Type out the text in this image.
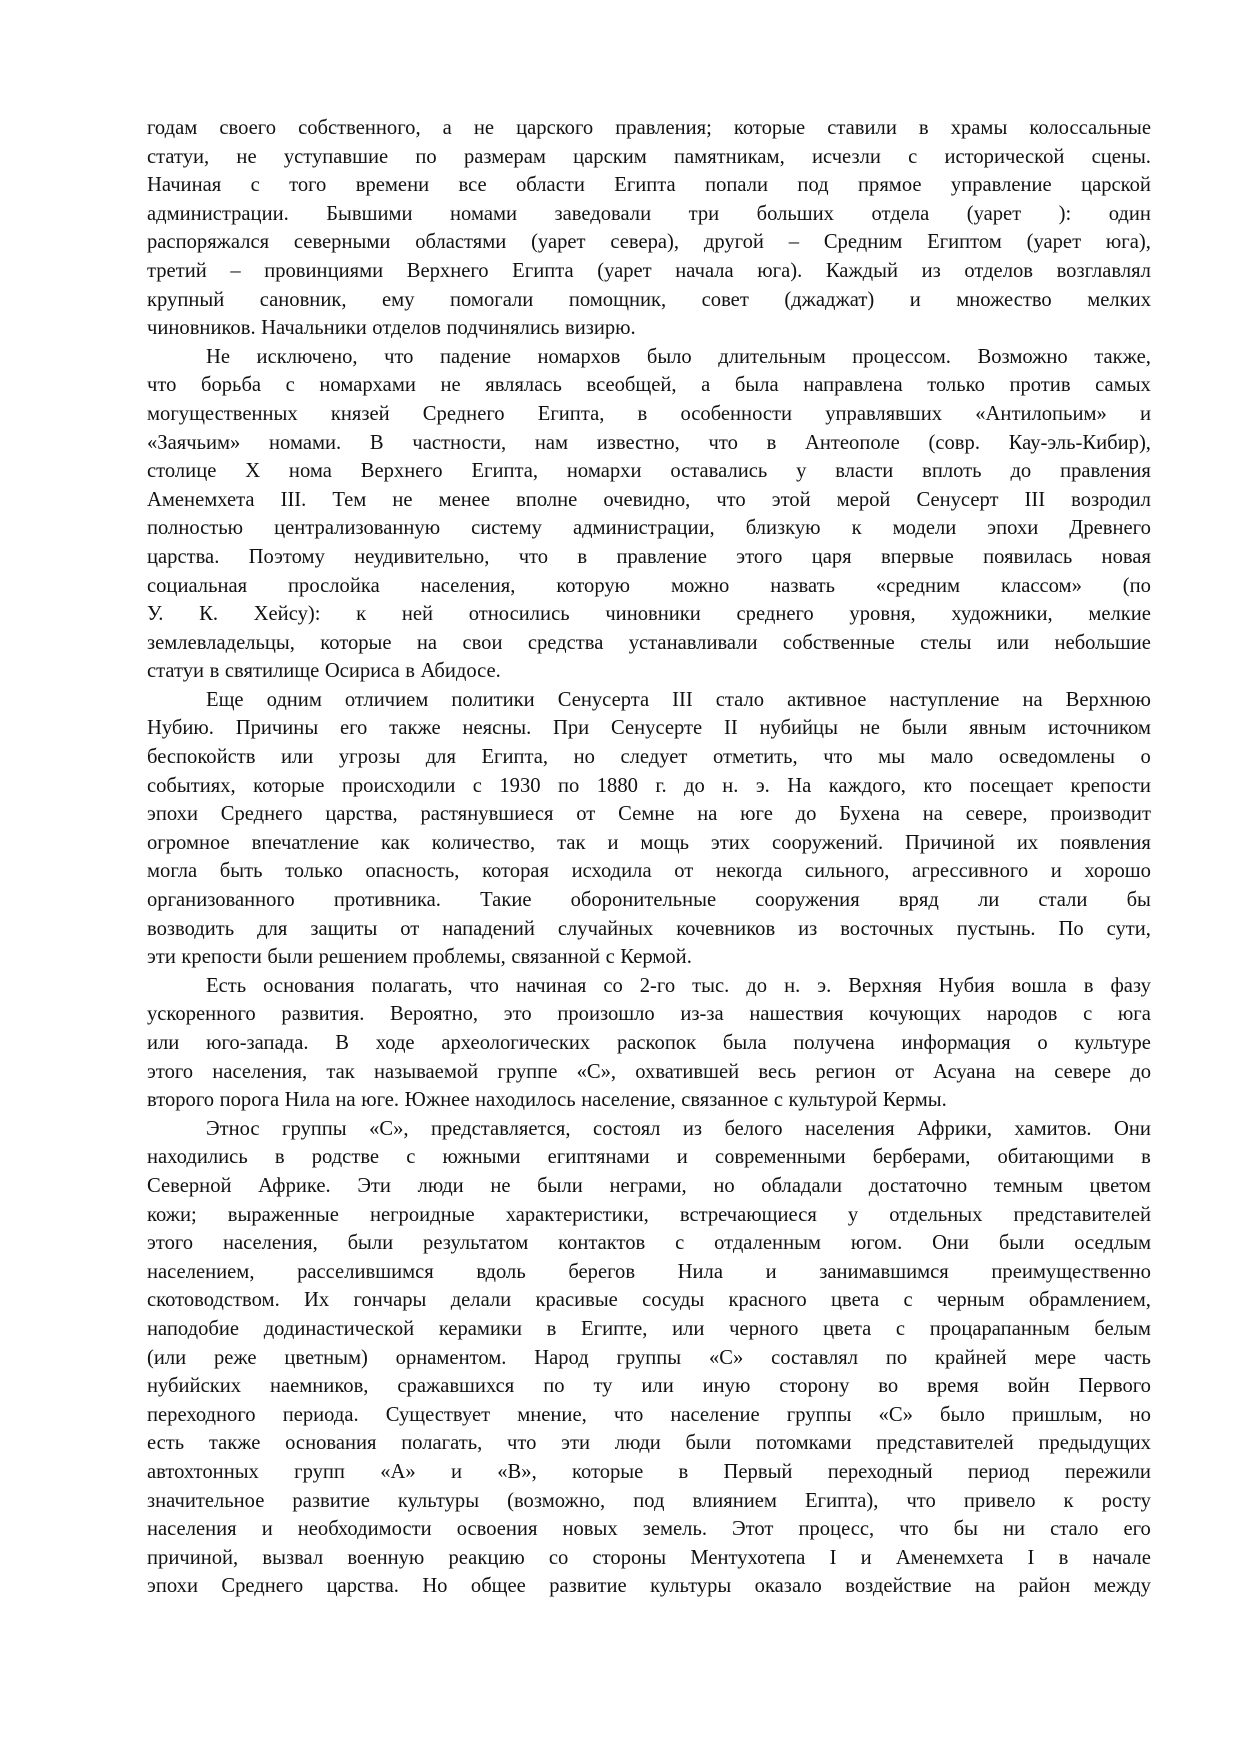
годам своего собственного, а не царского правления; которые ставили в храмы колоссальные
статуи, не уступавшие по размерам царским памятникам, исчезли с исторической сцены.
Начиная с того времени все области Египта попали под прямое управление царской
администрации. Бывшими номами заведовали три больших отдела (уарет ): один
распоряжался северными областями (уарет севера), другой – Средним Египтом (уарет юга),
третий – провинциями Верхнего Египта (уарет начала юга). Каждый из отделов возглавлял
крупный сановник, ему помогали помощник, совет (джаджат) и множество мелких
чиновников. Начальники отделов подчинялись визирю.
Не исключено, что падение номархов было длительным процессом. Возможно также,
что борьба с номархами не являлась всеобщей, а была направлена только против самых
могущественных князей Среднего Египта, в особенности управлявших «Антилопьим» и
«Заячьим» номами. В частности, нам известно, что в Антеополе (совр. Кау-эль-Кибир),
столице X нома Верхнего Египта, номархи оставались у власти вплоть до правления
Аменемхета III. Тем не менее вполне очевидно, что этой мерой Сенусерт III возродил
полностью централизованную систему администрации, близкую к модели эпохи Древнего
царства. Поэтому неудивительно, что в правление этого царя впервые появилась новая
социальная прослойка населения, которую можно назвать «средним классом» (по
У. К. Хейсу): к ней относились чиновники среднего уровня, художники, мелкие
землевладельцы, которые на свои средства устанавливали собственные стелы или небольшие
статуи в святилище Осириса в Абидосе.
Еще одним отличием политики Сенусерта III стало активное наступление на Верхнюю
Нубию. Причины его также неясны. При Сенусерте II нубийцы не были явным источником
беспокойств или угрозы для Египта, но следует отметить, что мы мало осведомлены о
событиях, которые происходили с 1930 по 1880 г. до н. э. На каждого, кто посещает крепости
эпохи Среднего царства, растянувшиеся от Семне на юге до Бухена на севере, производит
огромное впечатление как количество, так и мощь этих сооружений. Причиной их появления
могла быть только опасность, которая исходила от некогда сильного, агрессивного и хорошо
организованного противника. Такие оборонительные сооружения вряд ли стали бы
возводить для защиты от нападений случайных кочевников из восточных пустынь. По сути,
эти крепости были решением проблемы, связанной с Кермой.
Есть основания полагать, что начиная со 2-го тыс. до н. э. Верхняя Нубия вошла в фазу
ускоренного развития. Вероятно, это произошло из-за нашествия кочующих народов с юга
или юго-запада. В ходе археологических раскопок была получена информация о культуре
этого населения, так называемой группе «C», охватившей весь регион от Асуана на севере до
второго порога Нила на юге. Южнее находилось население, связанное с культурой Кермы.
Этнос группы «C», представляется, состоял из белого населения Африки, хамитов. Они
находились в родстве с южными египтянами и современными берберами, обитающими в
Северной Африке. Эти люди не были неграми, но обладали достаточно темным цветом
кожи; выраженные негроидные характеристики, встречающиеся у отдельных представителей
этого населения, были результатом контактов с отдаленным югом. Они были оседлым
населением, расселившимся вдоль берегов Нила и занимавшимся преимущественно
скотоводством. Их гончары делали красивые сосуды красного цвета с черным обрамлением,
наподобие додинастической керамики в Египте, или черного цвета с процарапанным белым
(или реже цветным) орнаментом. Народ группы «C» составлял по крайней мере часть
нубийских наемников, сражавшихся по ту или иную сторону во время войн Первого
переходного периода. Существует мнение, что население группы «C» было пришлым, но
есть также основания полагать, что эти люди были потомками представителей предыдущих
автохтонных групп «A» и «B», которые в Первый переходный период пережили
значительное развитие культуры (возможно, под влиянием Египта), что привело к росту
населения и необходимости освоения новых земель. Этот процесс, что бы ни стало его
причиной, вызвал военную реакцию со стороны Ментухотепа I и Аменемхета I в начале
эпохи Среднего царства. Но общее развитие культуры оказало воздействие на район между
